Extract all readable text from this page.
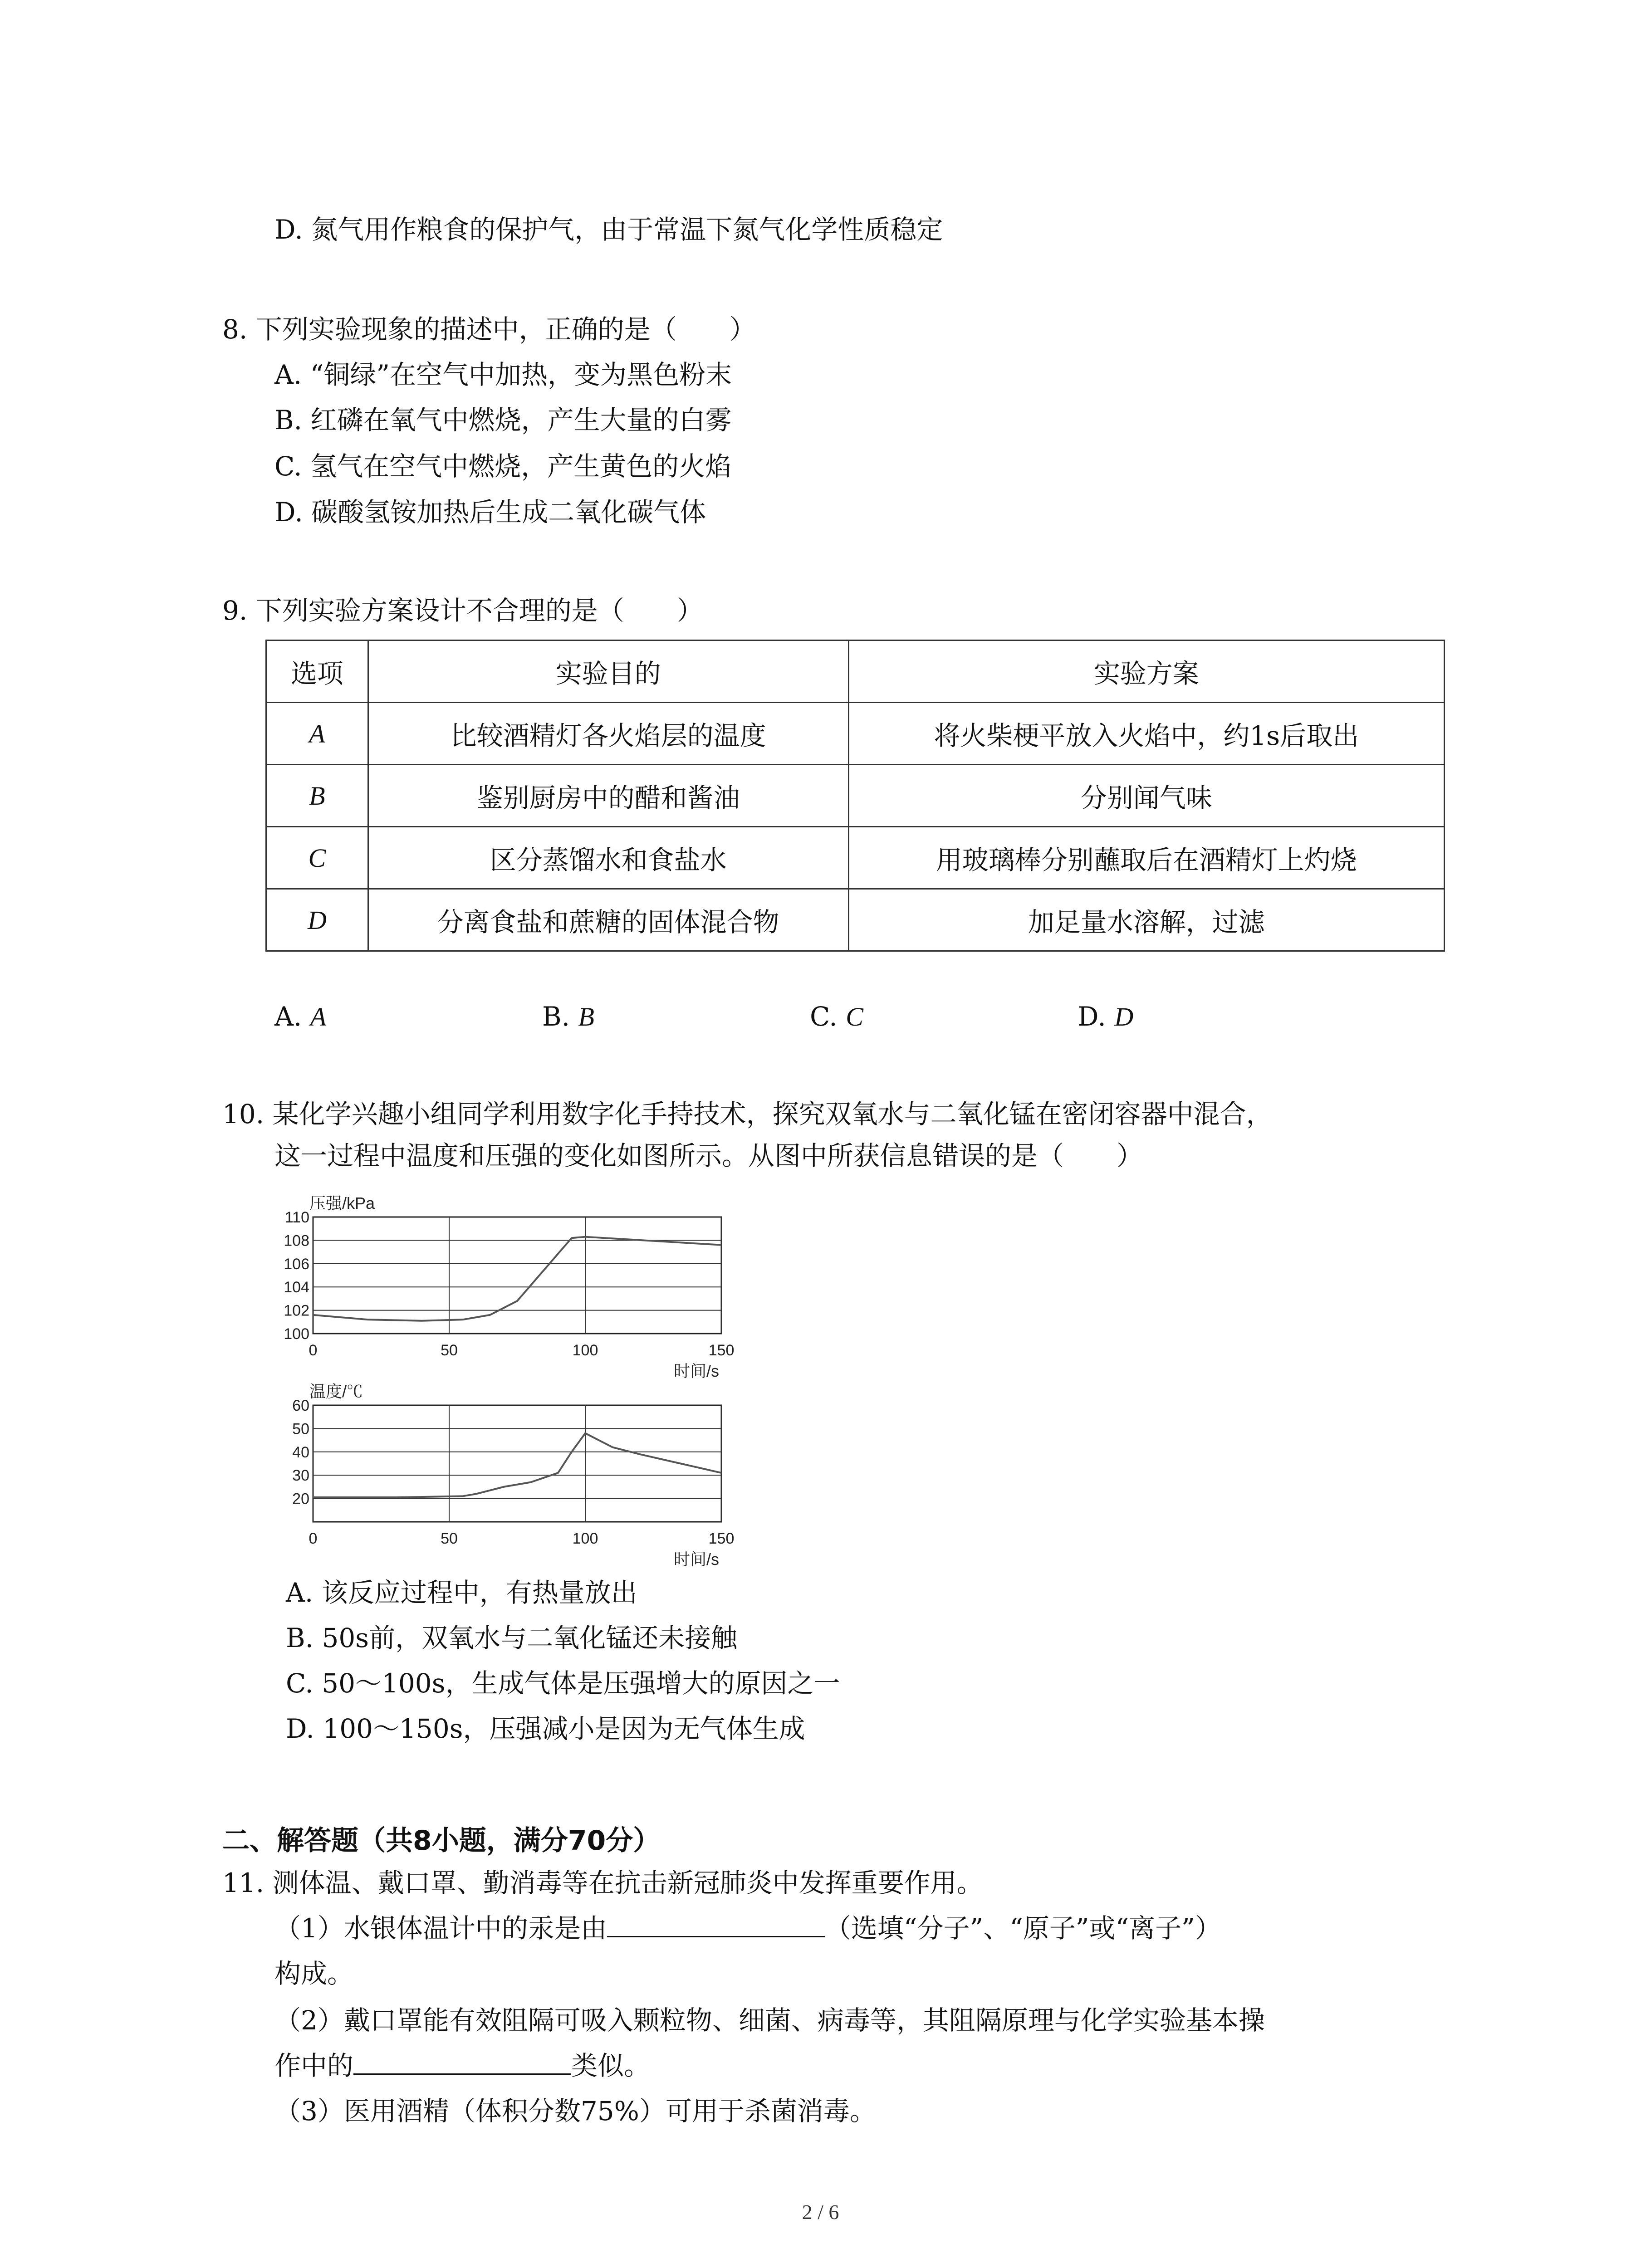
D. 氮气用作粮食的保护气，由于常温下氮气化学性质稳定
8. 下列实验现象的描述中，正确的是（　　）
A. “铜绿”在空气中加热，变为黑色粉末
B. 红磷在氧气中燃烧，产生大量的白雾
C. 氢气在空气中燃烧，产生黄色的火焰
D. 碳酸氢铵加热后生成二氧化碳气体
9. 下列实验方案设计不合理的是（　　）
选项	实验目的	实验方案
A	比较酒精灯各火焰层的温度	将火柴梗平放入火焰中，约1s后取出
B	鉴别厨房中的醋和酱油	分别闻气味
C	区分蒸馏水和食盐水	用玻璃棒分别蘸取后在酒精灯上灼烧
D	分离食盐和蔗糖的固体混合物	加足量水溶解，过滤
A. A	B. B	C. C	D. D
10. 某化学兴趣小组同学利用数字化手持技术，探究双氧水与二氧化锰在密闭容器中混合，
这一过程中温度和压强的变化如图所示。从图中所获信息错误的是（　　）
100
102
104
106
108
110
0	50	100	150
压强/kPa
时间/s
20
30
40
50
60
0	50	100	150
温度/℃
时间/s
A. 该反应过程中，有热量放出
B. 50s前，双氧水与二氧化锰还未接触
C. 50～100s，生成气体是压强增大的原因之一
D. 100～150s，压强减小是因为无气体生成
二、解答题（共8小题，满分70分）
11. 测体温、戴口罩、勤消毒等在抗击新冠肺炎中发挥重要作用。
（1）水银体温计中的汞是由	（选填“分子”、“原子”或“离子”）
构成。
（2）戴口罩能有效阻隔可吸入颗粒物、细菌、病毒等，其阻隔原理与化学实验基本操
作中的	类似。
（3）医用酒精（体积分数75%）可用于杀菌消毒。
2 / 6
